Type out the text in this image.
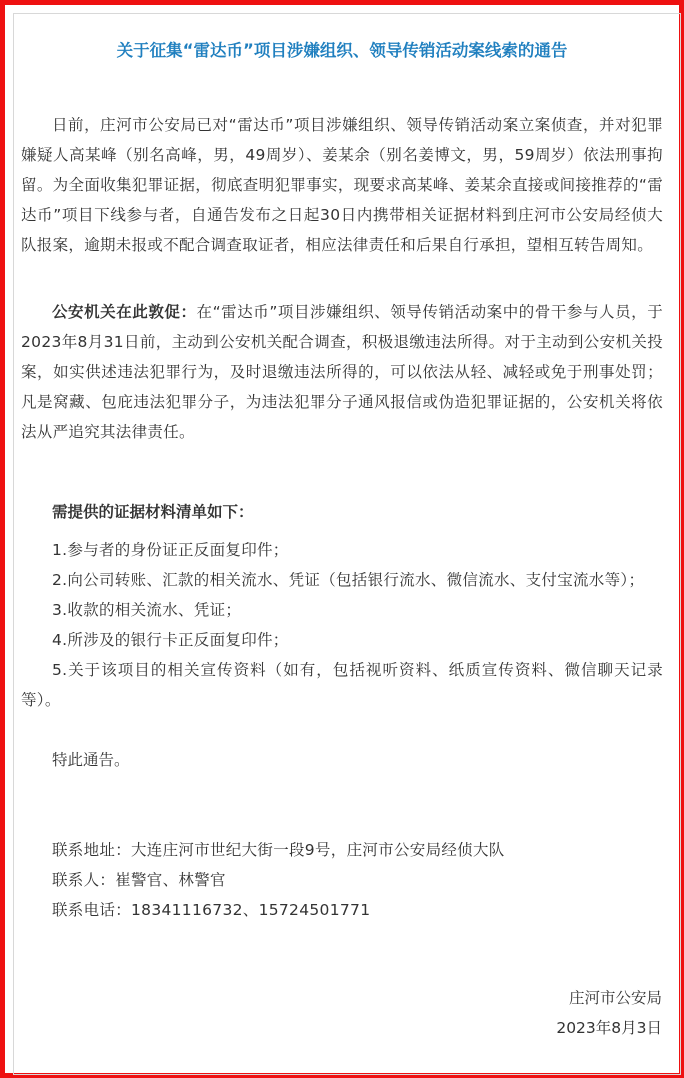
关于征集“雷达币”项目涉嫌组织、领导传销活动案线索的通告

日前，庄河市公安局已对“雷达币”项目涉嫌组织、领导传销活动案立案侦查，并对犯罪嫌疑人高某峰（别名高峰，男，49周岁）、姜某余（别名姜博文，男，59周岁）依法刑事拘留。为全面收集犯罪证据，彻底查明犯罪事实，现要求高某峰、姜某余直接或间接推荐的“雷达币”项目下线参与者，自通告发布之日起30日内携带相关证据材料到庄河市公安局经侦大队报案，逾期未报或不配合调查取证者，相应法律责任和后果自行承担，望相互转告周知。

公安机关在此敦促：在“雷达币”项目涉嫌组织、领导传销活动案中的骨干参与人员，于2023年8月31日前，主动到公安机关配合调查，积极退缴违法所得。对于主动到公安机关投案，如实供述违法犯罪行为，及时退缴违法所得的，可以依法从轻、减轻或免于刑事处罚；凡是窝藏、包庇违法犯罪分子，为违法犯罪分子通风报信或伪造犯罪证据的，公安机关将依法从严追究其法律责任。

需提供的证据材料清单如下：
1.参与者的身份证正反面复印件；
2.向公司转账、汇款的相关流水、凭证（包括银行流水、微信流水、支付宝流水等）；
3.收款的相关流水、凭证；
4.所涉及的银行卡正反面复印件；
5.关于该项目的相关宣传资料（如有，包括视听资料、纸质宣传资料、微信聊天记录等）。
特此通告。
联系地址：大连庄河市世纪大街一段9号，庄河市公安局经侦大队
联系人：崔警官、林警官
联系电话：18341116732、15724501771
庄河市公安局
2023年8月3日
